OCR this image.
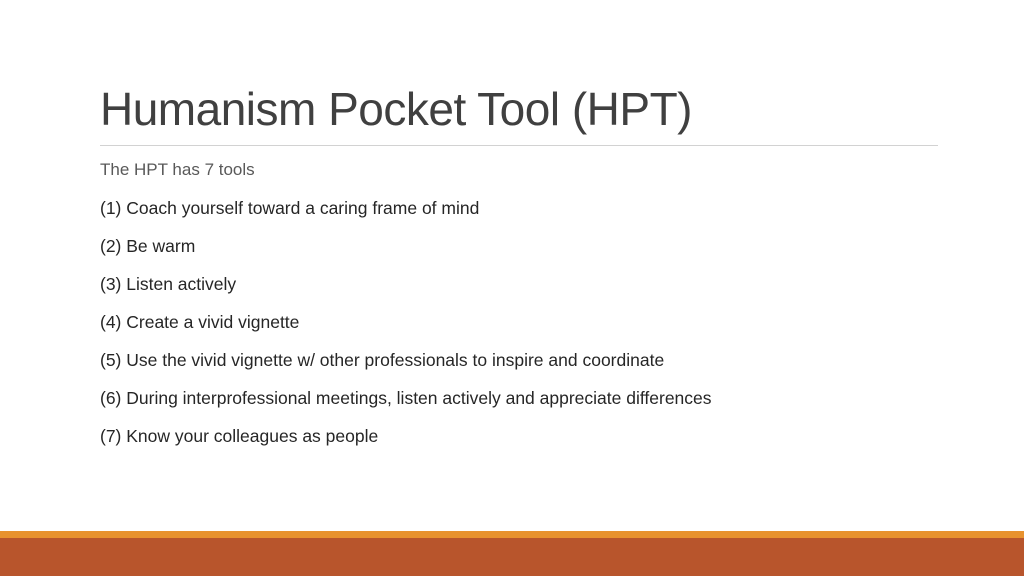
Humanism Pocket Tool (HPT)

The HPT has 7 tools

(1) Coach yourself toward a caring frame of mind
(2) Be warm
(3) Listen actively
(4) Create a vivid vignette
(5) Use the vivid vignette w/ other professionals to inspire and coordinate
(6) During interprofessional meetings, listen actively and appreciate differences
(7) Know your colleagues as people
